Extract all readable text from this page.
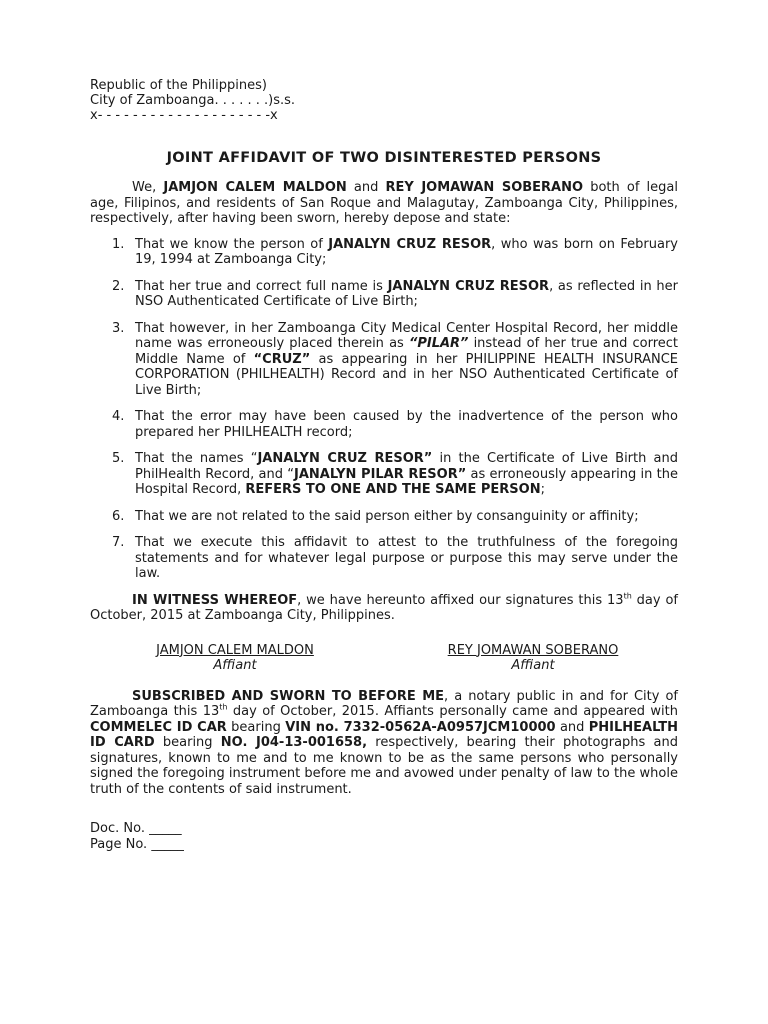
Republic of the Philippines)
City of Zamboanga. . . . . . .)s.s.
x- - - - - - - - - - - - - - - - - - - -x
JOINT AFFIDAVIT OF TWO DISINTERESTED PERSONS

We, JAMJON CALEM MALDON and REY JOMAWAN SOBERANO both of legal age, Filipinos, and residents of San Roque and Malagutay, Zamboanga City, Philippines, respectively, after having been sworn, hereby depose and state:

1. That we know the person of JANALYN CRUZ RESOR, who was born on February 19, 1994 at Zamboanga City;
2. That her true and correct full name is JANALYN CRUZ RESOR, as reflected in her NSO Authenticated Certificate of Live Birth;
3. That however, in her Zamboanga City Medical Center Hospital Record, her middle name was erroneously placed therein as “PILAR” instead of her true and correct Middle Name of “CRUZ” as appearing in her PHILIPPINE HEALTH INSURANCE CORPORATION (PHILHEALTH) Record and in her NSO Authenticated Certificate of Live Birth;
4. That the error may have been caused by the inadvertence of the person who prepared her PHILHEALTH record;
5. That the names “JANALYN CRUZ RESOR” in the Certificate of Live Birth and PhilHealth Record, and “JANALYN PILAR RESOR” as erroneously appearing in the Hospital Record, REFERS TO ONE AND THE SAME PERSON;
6. That we are not related to the said person either by consanguinity or affinity;
7. That we execute this affidavit to attest to the truthfulness of the foregoing statements and for whatever legal purpose or purpose this may serve under the law.

IN WITNESS WHEREOF, we have hereunto affixed our signatures this 13th day of October, 2015 at Zamboanga City, Philippines.

JAMJON CALEM MALDON
Affiant
REY JOMAWAN SOBERANO
Affiant

SUBSCRIBED AND SWORN TO BEFORE ME, a notary public in and for City of Zamboanga this 13th day of October, 2015. Affiants personally came and appeared with COMMELEC ID CAR bearing VIN no. 7332-0562A-A0957JCM10000 and PHILHEALTH ID CARD bearing NO. J04-13-001658, respectively, bearing their photographs and signatures, known to me and to me known to be as the same persons who personally signed the foregoing instrument before me and avowed under penalty of law to the whole truth of the contents of said instrument.

Doc. No. _____
Page No. _____
